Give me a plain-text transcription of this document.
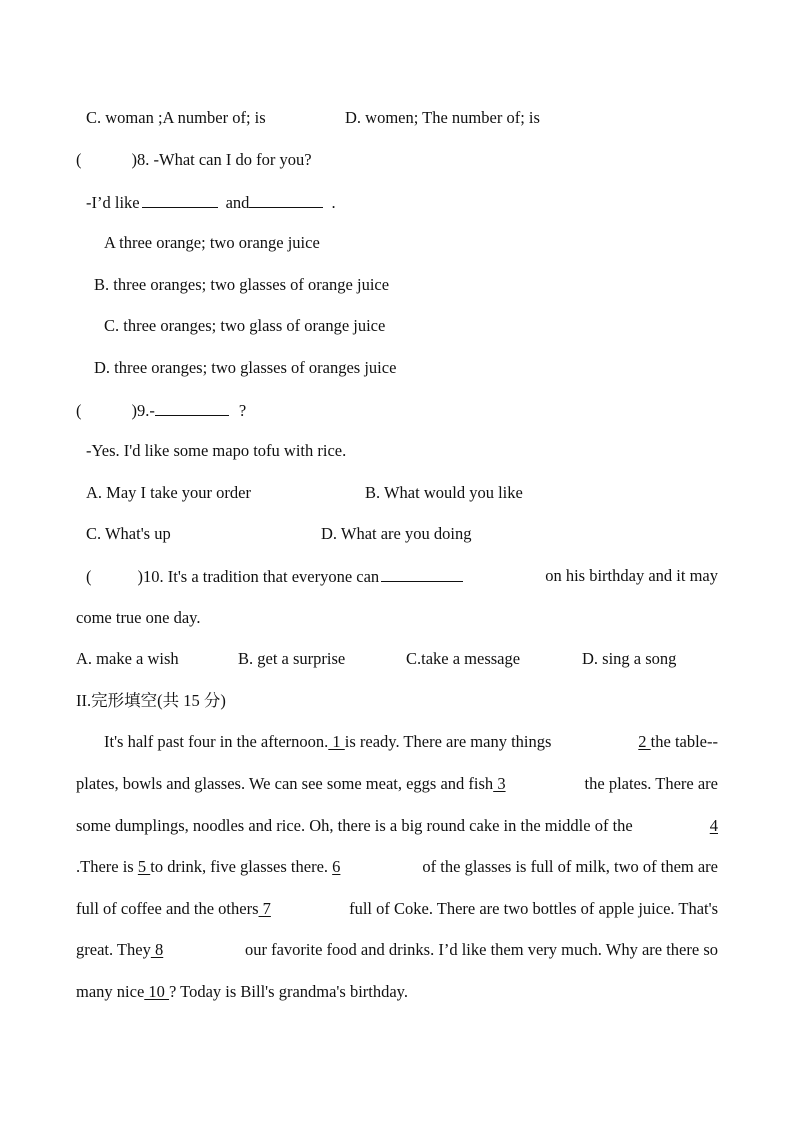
C. woman ;A number of; is	D. women; The number of; is
(	)8. -What can I do for you?
-I’d like	and	.
A three orange; two orange juice
B. three oranges; two glasses of orange juice
C. three oranges; two glass of orange juice
D. three oranges; two glasses of oranges juice
(	)9.-	?
-Yes. I'd like some mapo tofu with rice.
A. May I take your order	B. What would you like
C. What's up	D. What are you doing
(	)10. It's a tradition that everyone can	on his birthday and it may
come true one day.
A. make a wish	B. get a surprise	C.take a message	D. sing a song
II.完形填空(共 15 分)
It's half past four in the afternoon. 1 is ready. There are many things	2 the table--
plates, bowls and glasses. We can see some meat, eggs and fish 3	the plates. There are
some dumplings, noodles and rice. Oh, there is a big round cake in the middle of the	4
.There is 5 to drink, five glasses there. 6	of the glasses is full of milk, two of them are
full of coffee and the others 7	full of Coke. There are two bottles of apple juice. That's
great. They 8	our favorite food and drinks. I’d like them very much. Why are there so
many nice 10 ? Today is Bill's grandma's birthday.
